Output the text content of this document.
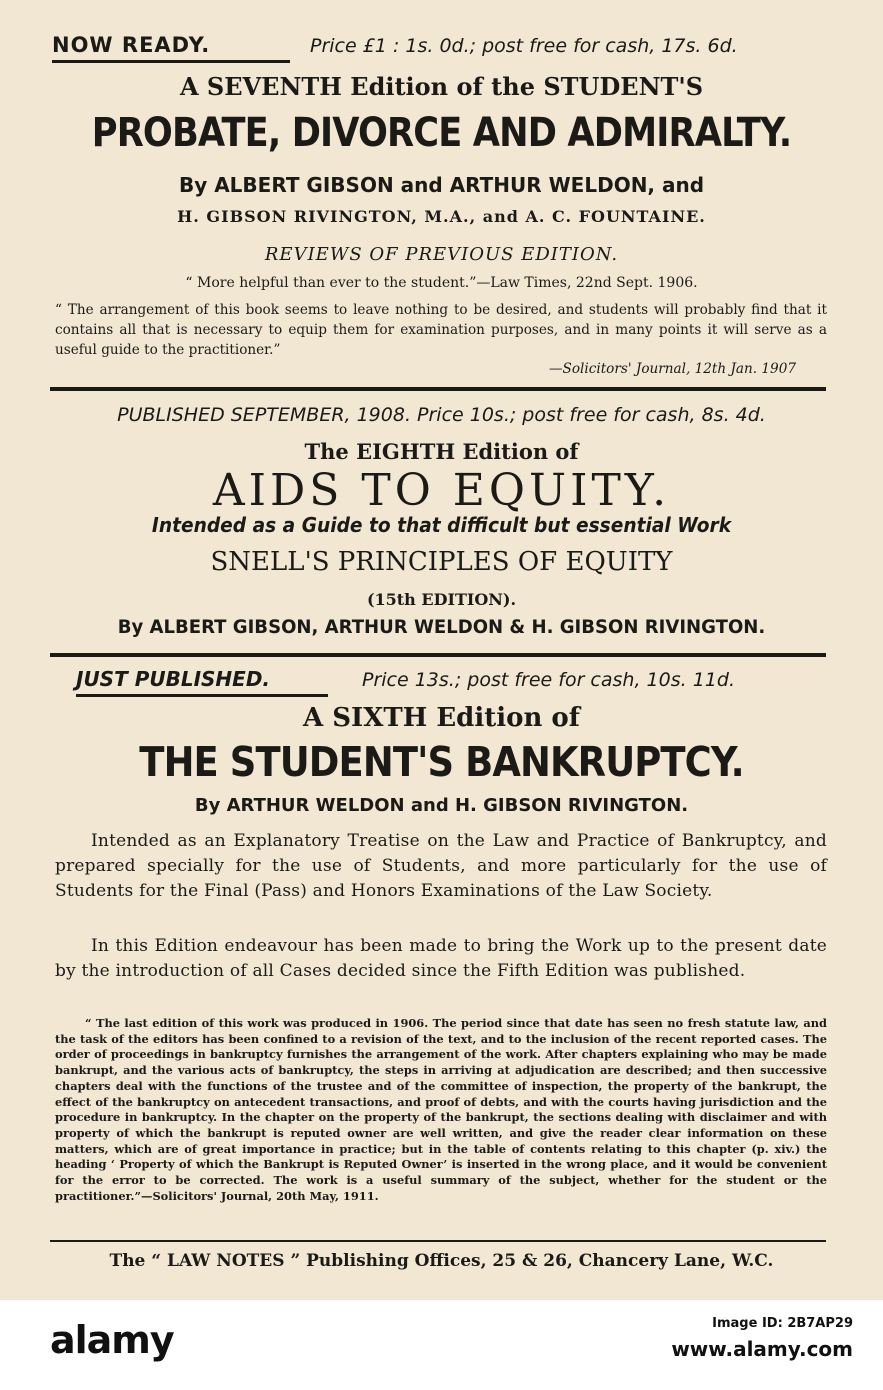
NOW READY.	Price £1 : 1s. 0d.; post free for cash, 17s. 6d.

A SEVENTH Edition of the STUDENT'S

PROBATE, DIVORCE AND ADMIRALTY.

By ALBERT GIBSON and ARTHUR WELDON, and

H. GIBSON RIVINGTON, M.A., and A. C. FOUNTAINE.

REVIEWS OF PREVIOUS EDITION.

“ More helpful than ever to the student.”—Law Times, 22nd Sept. 1906.

“ The arrangement of this book seems to leave nothing to be desired, and students will probably find that it contains all that is necessary to equip them for examination purposes, and in many points it will serve as a useful guide to the practitioner.”

—Solicitors' Journal, 12th Jan. 1907

PUBLISHED SEPTEMBER, 1908. Price 10s.; post free for cash, 8s. 4d.

The EIGHTH Edition of

AIDS TO EQUITY.

Intended as a Guide to that difficult but essential Work

SNELL'S PRINCIPLES OF EQUITY

(15th EDITION).

By ALBERT GIBSON, ARTHUR WELDON & H. GIBSON RIVINGTON.

JUST PUBLISHED.	Price 13s.; post free for cash, 10s. 11d.

A SIXTH Edition of

THE STUDENT'S BANKRUPTCY.

By ARTHUR WELDON and H. GIBSON RIVINGTON.

Intended as an Explanatory Treatise on the Law and Practice of Bankruptcy, and prepared specially for the use of Students, and more particularly for the use of Students for the Final (Pass) and Honors Examinations of the Law Society.

In this Edition endeavour has been made to bring the Work up to the present date by the introduction of all Cases decided since the Fifth Edition was published.

“ The last edition of this work was produced in 1906. The period since that date has seen no fresh statute law, and the task of the editors has been confined to a revision of the text, and to the inclusion of the recent reported cases. The order of proceedings in bankruptcy furnishes the arrangement of the work. After chapters explaining who may be made bankrupt, and the various acts of bankruptcy, the steps in arriving at adjudication are described; and then successive chapters deal with the functions of the trustee and of the committee of inspection, the property of the bankrupt, the effect of the bankruptcy on antecedent transactions, and proof of debts, and with the courts having jurisdiction and the procedure in bankruptcy. In the chapter on the property of the bankrupt, the sections dealing with disclaimer and with property of which the bankrupt is reputed owner are well written, and give the reader clear information on these matters, which are of great importance in practice; but in the table of contents relating to this chapter (p. xiv.) the heading ‘ Property of which the Bankrupt is Reputed Owner’ is inserted in the wrong place, and it would be convenient for the error to be corrected. The work is a useful summary of the subject, whether for the student or the practitioner.”—Solicitors' Journal, 20th May, 1911.

The “ LAW NOTES ” Publishing Offices, 25 & 26, Chancery Lane, W.C.

alamy	Image ID: 2B7AP29
www.alamy.com
